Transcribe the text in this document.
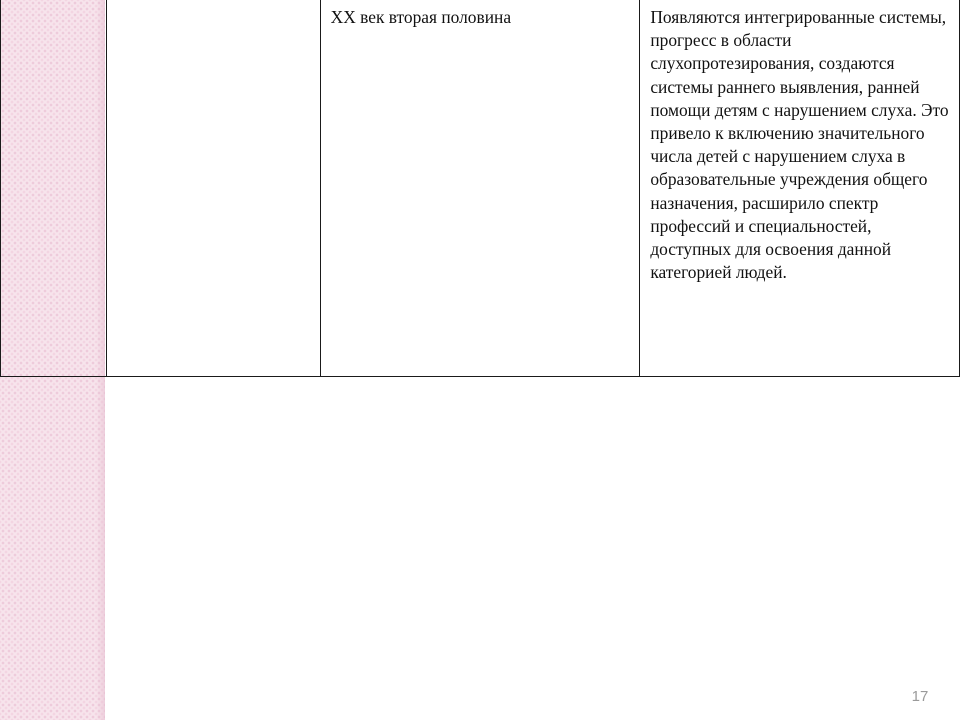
		XX век вторая половина	Появляются интегрированные системы, прогресс в области слухопротезирования, создаются системы раннего выявления, ранней помощи детям с нарушением слуха. Это привело к включению значительного числа детей с нарушением слуха в образовательные учреждения общего назначения, расширило спектр профессий и специальностей, доступных для освоения данной категорией людей.
17
